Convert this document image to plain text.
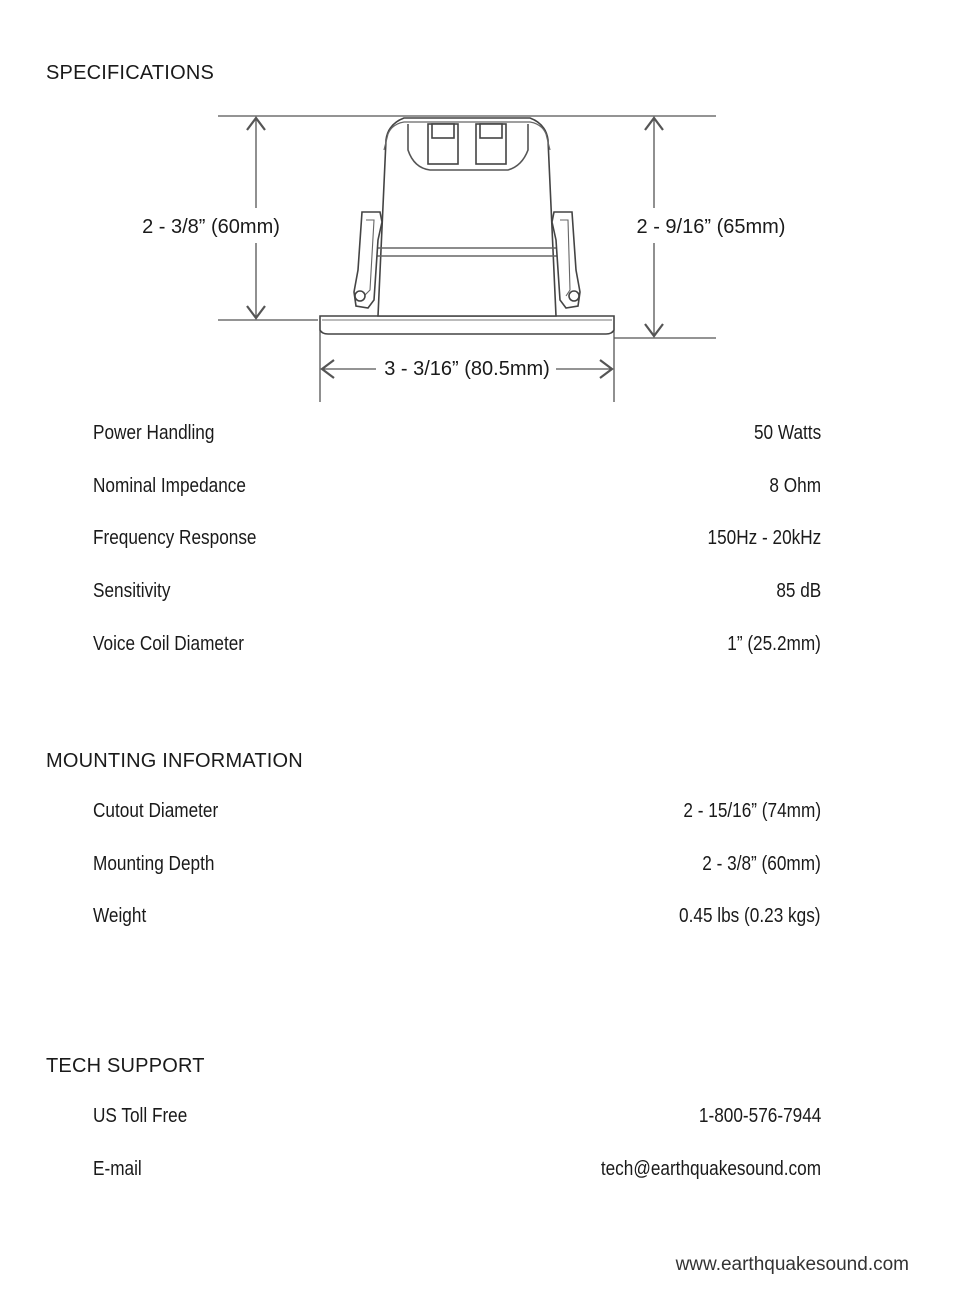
SPECIFICATIONS
2 - 3/8” (60mm)	2 - 9/16” (65mm)
3 - 3/16” (80.5mm)
Power Handling	50 Watts
Nominal Impedance	8 Ohm
Frequency Response	150Hz - 20kHz
Sensitivity	85 dB
Voice Coil Diameter	1” (25.2mm)
MOUNTING INFORMATION
Cutout Diameter	2 - 15/16” (74mm)
Mounting Depth	2 - 3/8” (60mm)
Weight	0.45 lbs (0.23 kgs)
TECH SUPPORT
US Toll Free	1-800-576-7944
E-mail	tech@earthquakesound.com
www.earthquakesound.com
